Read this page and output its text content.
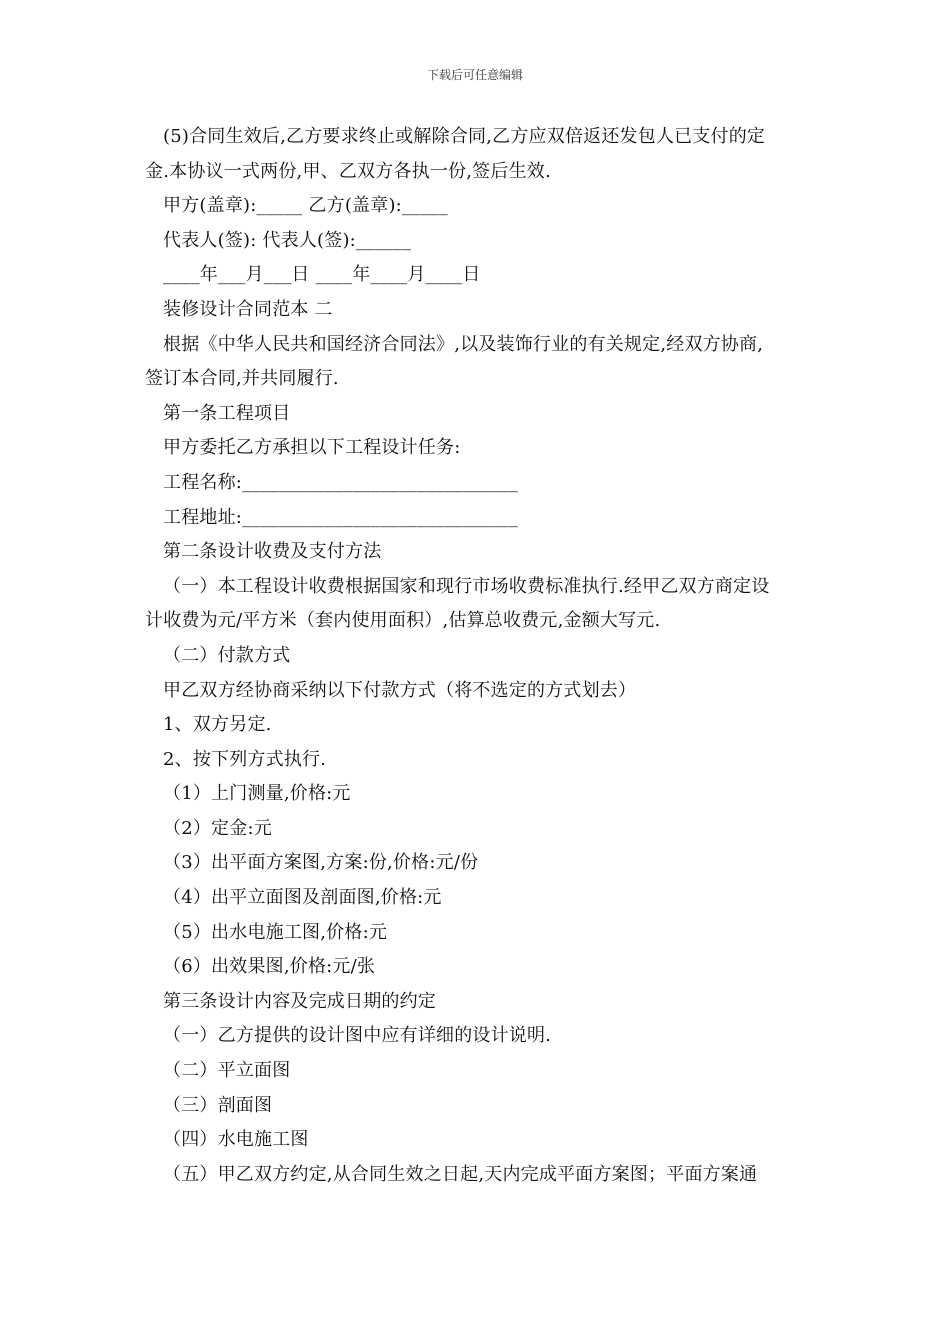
下载后可任意编辑
(5)合同生效后,乙方要求终止或解除合同,乙方应双倍返还发包人已支付的定
金.本协议一式两份,甲、乙双方各执一份,签后生效.
甲方(盖章):_____ 乙方(盖章):_____
代表人(签): 代表人(签):______
____年___月___日 ____年____月____日
装修设计合同范本 二
根据《中华人民共和国经济合同法》,以及装饰行业的有关规定,经双方协商,
签订本合同,并共同履行.
第一条工程项目
甲方委托乙方承担以下工程设计任务:
工程名称:______________________________
工程地址:______________________________
第二条设计收费及支付方法
（一）本工程设计收费根据国家和现行市场收费标准执行.经甲乙双方商定设
计收费为元/平方米（套内使用面积）,估算总收费元,金额大写元.
（二）付款方式
甲乙双方经协商采纳以下付款方式（将不选定的方式划去）
1、双方另定.
2、按下列方式执行.
（1）上门测量,价格:元
（2）定金:元
（3）出平面方案图,方案:份,价格:元/份
（4）出平立面图及剖面图,价格:元
（5）出水电施工图,价格:元
（6）出效果图,价格:元/张
第三条设计内容及完成日期的约定
（一）乙方提供的设计图中应有详细的设计说明.
（二）平立面图
（三）剖面图
（四）水电施工图
（五）甲乙双方约定,从合同生效之日起,天内完成平面方案图；平面方案通
